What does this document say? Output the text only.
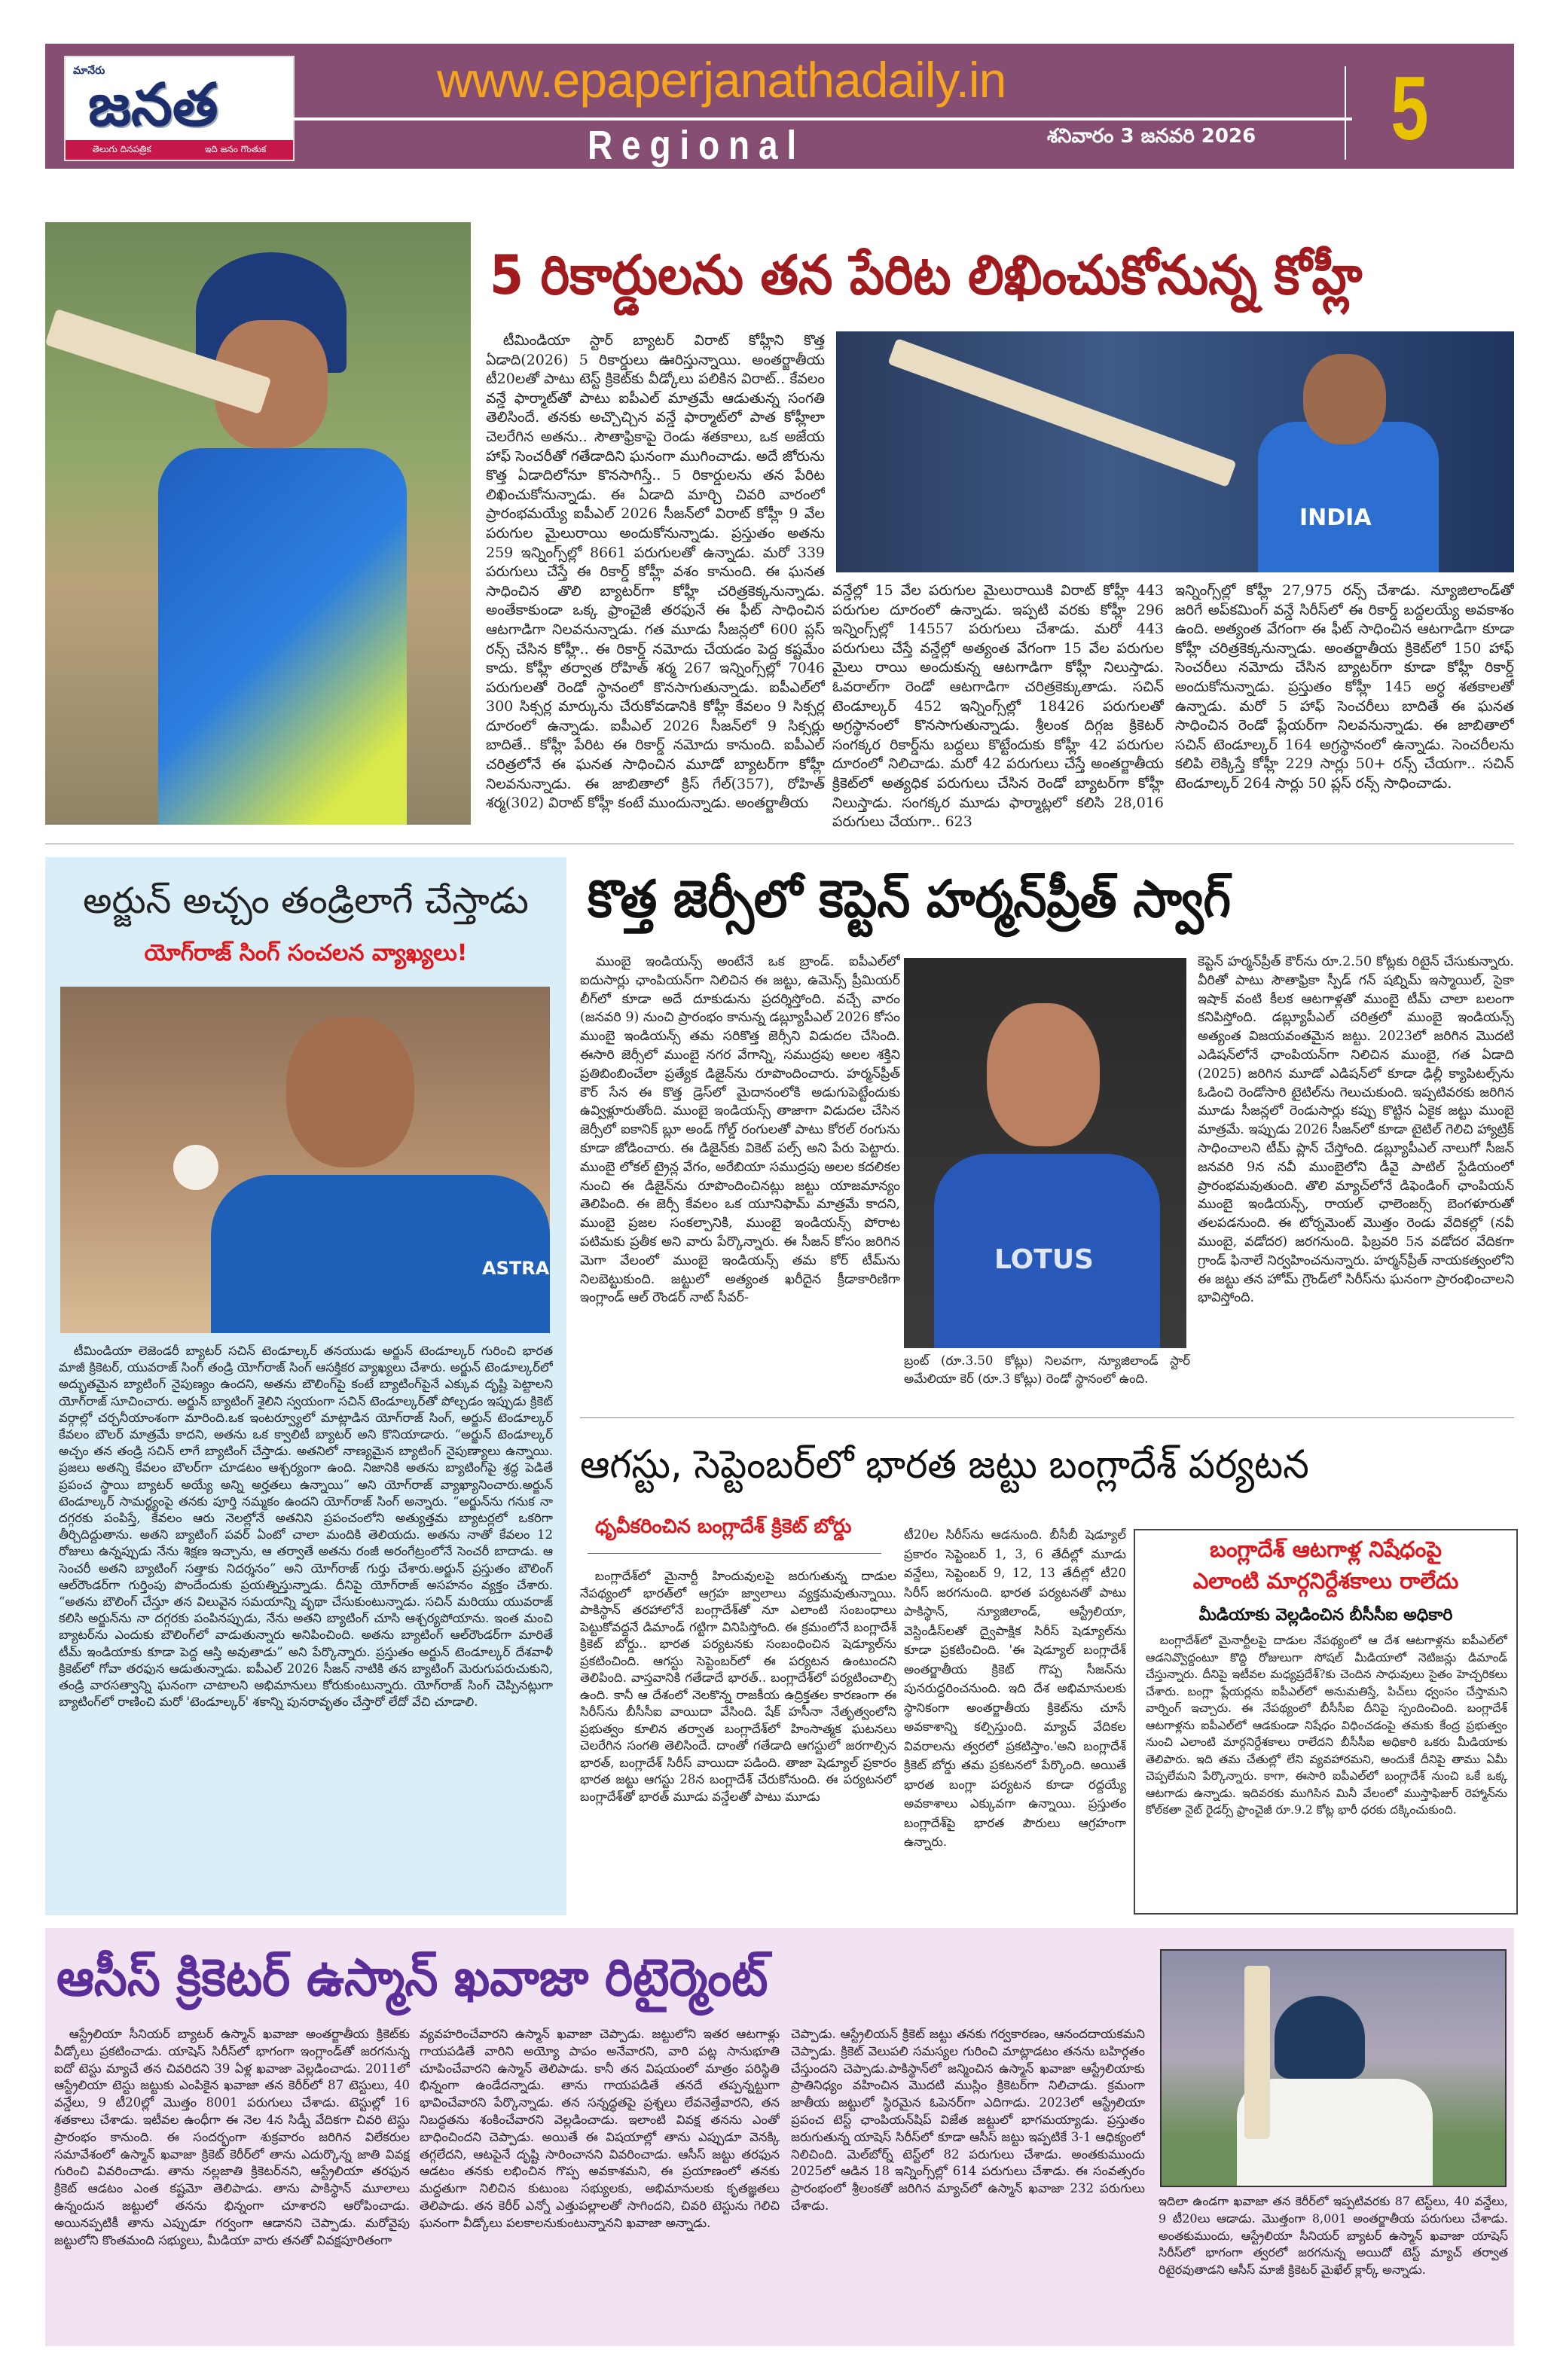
మానేరు
జనత
తెలుగు దినపత్రిక	ఇది జనం గొంతుక
www.epaperjanathadaily.in
Regional	శనివారం 3 జనవరి 2026 5
5 రికార్డులను తన పేరిట లిఖించుకోనున్న కోహ్లీ
టీమిండియా స్టార్ బ్యాటర్ విరాట్ కోహ్లీని కొత్త ఏడాది(2026) 5 రికార్డులు ఊరిస్తున్నాయి. అంతర్జాతీయ టీ20లతో పాటు టెస్ట్ క్రికెట్‌కు వీడ్కోలు పలికిన విరాట్.. కేవలం వన్డే ఫార్మాట్‌తో పాటు ఐపీఎల్ మాత్రమే ఆడుతున్న సంగతి తెలిసిందే. తనకు అచ్చొచ్చిన వన్డే ఫార్మాట్‌లో పాత కోహ్లీలా చెలరేగిన అతను.. సౌతాఫ్రికాపై రెండు శతకాలు, ఒక అజేయ హాఫ్ సెంచరీతో గతేడాదిని ఘనంగా ముగించాడు. అదే జోరును కొత్త ఏడాదిలోనూ కొనసాగిస్తే.. 5 రికార్డులను తన పేరిట లిఖించుకోనున్నాడు. ఈ ఏడాది మార్చి చివరి వారంలో ప్రారంభమయ్యే ఐపీఎల్ 2026 సీజన్‌లో విరాట్ కోహ్లీ 9 వేల పరుగుల మైలురాయి అందుకోనున్నాడు. ప్రస్తుతం అతను 259 ఇన్నింగ్స్‌ల్లో 8661 పరుగులతో ఉన్నాడు. మరో 339 పరుగులు చేస్తే ఈ రికార్డ్ కోహ్లీ వశం కానుంది. ఈ ఘనత సాధించిన తొలి బ్యాటర్‌గా కోహ్లీ చరిత్రకెక్కనున్నాడు. అంతేకాకుండా ఒక్క ఫ్రాంచైజీ తరఫునే ఈ ఫీట్ సాధించిన ఆటగాడిగా నిలవనున్నాడు. గత మూడు సీజన్లలో 600 ప్లస్ రన్స్ చేసిన కోహ్లీ.. ఈ రికార్డ్ నమోదు చేయడం పెద్ద కష్టమేం కాదు. కోహ్లీ తర్వాత రోహిత్ శర్మ 267 ఇన్నింగ్స్‌ల్లో 7046 పరుగులతో రెండో స్థానంలో కొనసాగుతున్నాడు. ఐపీఎల్‌లో 300 సిక్సర్ల మార్కును చేరుకోవడానికి కోహ్లీ కేవలం 9 సిక్సర్ల దూరంలో ఉన్నాడు. ఐపీఎల్ 2026 సీజన్‌లో 9 సిక్సర్లు బాదితే.. కోహ్లీ పేరిట ఈ రికార్డ్ నమోదు కానుంది. ఐపీఎల్ చరిత్రలోనే ఈ ఘనత సాధించిన మూడో బ్యాటర్‌గా కోహ్లీ నిలవనున్నాడు. ఈ జాబితాలో క్రిస్ గేల్(357), రోహిత్ శర్మ(302) విరాట్ కోహ్లీ కంటే ముందున్నాడు. అంతర్జాతీయ
INDIA
వన్డేల్లో 15 వేల పరుగుల మైలురాయికి విరాట్ కోహ్లీ 443 పరుగుల దూరంలో ఉన్నాడు. ఇప్పటి వరకు కోహ్లీ 296 ఇన్నింగ్స్‌ల్లో 14557 పరుగులు చేశాడు. మరో 443 పరుగులు చేస్తే వన్డేల్లో అత్యంత వేగంగా 15 వేల పరుగుల మైలు రాయి అందుకున్న ఆటగాడిగా కోహ్లీ నిలుస్తాడు. ఓవరాల్‌గా రెండో ఆటగాడిగా చరిత్రకెక్కుతాడు. సచిన్ టెండూల్కర్ 452 ఇన్నింగ్స్‌ల్లో 18426 పరుగులతో అగ్రస్థానంలో కొనసాగుతున్నాడు. శ్రీలంక దిగ్గజ క్రికెటర్ సంగక్కర రికార్డ్‌ను బద్దలు కొట్టేందుకు కోహ్లీ 42 పరుగుల దూరంలో నిలిచాడు. మరో 42 పరుగులు చేస్తే అంతర్జాతీయ క్రికెట్‌లో అత్యధిక పరుగులు చేసిన రెండో బ్యాటర్‌గా కోహ్లీ నిలుస్తాడు. సంగక్కర మూడు ఫార్మాట్లలో కలిసి 28,016 పరుగులు చేయగా.. 623
ఇన్నింగ్స్‌ల్లో కోహ్లీ 27,975 రన్స్ చేశాడు. న్యూజిలాండ్‌తో జరిగే అప్‌కమింగ్ వన్డే సిరీస్‌లో ఈ రికార్డ్ బద్దలయ్యే అవకాశం ఉంది. అత్యంత వేగంగా ఈ ఫీట్ సాధించిన ఆటగాడిగా కూడా కోహ్లీ చరిత్రకెక్కనున్నాడు. అంతర్జాతీయ క్రికెట్‌లో 150 హాఫ్ సెంచరీలు నమోదు చేసిన బ్యాటర్‌గా కూడా కోహ్లీ రికార్డ్ అందుకోనున్నాడు. ప్రస్తుతం కోహ్లీ 145 అర్ధ శతకాలతో ఉన్నాడు. మరో 5 హాఫ్ సెంచరీలు బాదితే ఈ ఘనత సాధించిన రెండో ప్లేయర్‌గా నిలవనున్నాడు. ఈ జాబితాలో సచిన్ టెండూల్కర్ 164 అగ్రస్థానంలో ఉన్నాడు. సెంచరీలను కలిపి లెక్కిస్తే కోహ్లీ 229 సార్లు 50+ రన్స్ చేయగా.. సచిన్ టెండూల్కర్ 264 సార్లు 50 ప్లస్ రన్స్ సాధించాడు.
అర్జున్ అచ్చం తండ్రిలాగే చేస్తాడు
యోగ్‌రాజ్ సింగ్ సంచలన వ్యాఖ్యలు!
ASTRA
టీమిండియా లెజెండరీ బ్యాటర్ సచిన్ టెండూల్కర్ తనయుడు అర్జున్ టెండూల్కర్ గురించి భారత మాజీ క్రికెటర్, యువరాజ్ సింగ్ తండ్రి యోగ్‌రాజ్ సింగ్ ఆసక్తికర వ్యాఖ్యలు చేశారు. అర్జున్ టెండూల్కర్‌లో అద్భుతమైన బ్యాటింగ్ నైపుణ్యం ఉందని, అతను బౌలింగ్‌పై కంటే బ్యాటింగ్‌పైనే ఎక్కువ దృష్టి పెట్టాలని యోగ్‌రాజ్ సూచించారు. అర్జున్ బ్యాటింగ్ శైలిని స్వయంగా సచిన్ టెండూల్కర్‌తో పోల్చడం ఇప్పుడు క్రికెట్ వర్గాల్లో చర్చనీయాంశంగా మారింది.ఒక ఇంటర్వ్యూలో మాట్లాడిన యోగ్‌రాజ్ సింగ్, అర్జున్ టెండూల్కర్ కేవలం బౌలర్ మాత్రమే కాదని, అతను ఒక క్వాలిటీ బ్యాటర్ అని కొనియాడారు. “అర్జున్ టెండూల్కర్ అచ్చం తన తండ్రి సచిన్ లాగే బ్యాటింగ్ చేస్తాడు. అతనిలో నాణ్యమైన బ్యాటింగ్ నైపుణ్యాలు ఉన్నాయి. ప్రజలు అతన్ని కేవలం బౌలర్‌గా చూడటం ఆశ్చర్యంగా ఉంది. నిజానికి అతను బ్యాటింగ్‌పై శ్రద్ధ పెడితే ప్రపంచ స్థాయి బ్యాటర్ అయ్యే అన్ని అర్హతలు ఉన్నాయి” అని యోగ్‌రాజ్ వ్యాఖ్యానించారు.అర్జున్ టెండూల్కర్ సామర్థ్యంపై తనకు పూర్తి నమ్మకం ఉందని యోగ్‌రాజ్ సింగ్ అన్నారు. “అర్జున్‌ను గనుక నా దగ్గరకు పంపిస్తే, కేవలం ఆరు నెలల్లోనే అతనిని ప్రపంచంలోని అత్యుత్తమ బ్యాటర్లలో ఒకరిగా తీర్చిదిద్దుతాను. అతని బ్యాటింగ్ పవర్ ఏంటో చాలా మందికి తెలియదు. అతను నాతో కేవలం 12 రోజులు ఉన్నప్పుడు నేను శిక్షణ ఇచ్చాను, ఆ తర్వాతే అతను రంజీ అరంగేట్రంలోనే సెంచరీ బాదాడు. ఆ సెంచరీ అతని బ్యాటింగ్ సత్తాకు నిదర్శనం” అని యోగ్‌రాజ్ గుర్తు చేశారు.అర్జున్ ప్రస్తుతం బౌలింగ్ ఆల్‌రౌండర్‌గా గుర్తింపు పొందేందుకు ప్రయత్నిస్తున్నాడు. దీనిపై యోగ్‌రాజ్ అసహనం వ్యక్తం చేశారు. “అతను బౌలింగ్ చేస్తూ తన విలువైన సమయాన్ని వృథా చేసుకుంటున్నాడు. సచిన్ మరియు యువరాజ్ కలిసి అర్జున్‌ను నా దగ్గరకు పంపినప్పుడు, నేను అతని బ్యాటింగ్ చూసి ఆశ్చర్యపోయాను. ఇంత మంచి బ్యాటర్‌ను ఎందుకు బౌలింగ్‌లో వాడుతున్నారు అనిపించింది. అతను బ్యాటింగ్ ఆల్‌రౌండర్‌గా మారితే టీమ్ ఇండియాకు కూడా పెద్ద ఆస్తి అవుతాడు” అని పేర్కొన్నారు. ప్రస్తుతం అర్జున్ టెండూల్కర్ దేశవాళీ క్రికెట్‌లో గోవా తరఫున ఆడుతున్నాడు. ఐపీఎల్ 2026 సీజన్ నాటికి తన బ్యాటింగ్ మెరుగుపరుచుకుని, తండ్రి వారసత్వాన్ని ఘనంగా చాటాలని అభిమానులు కోరుకుంటున్నారు. యోగ్‌రాజ్ సింగ్ చెప్పినట్లుగా బ్యాటింగ్‌లో రాణించి మరో 'టెండూల్కర్' శకాన్ని పునరావృతం చేస్తారో లేదో వేచి చూడాలి.
కొత్త జెర్సీలో కెప్టెన్ హర్మన్‌ప్రీత్ స్వాగ్
ముంబై ఇండియన్స్ అంటేనే ఒక బ్రాండ్. ఐపీఎల్‌లో ఐదుసార్లు ఛాంపియన్‌గా నిలిచిన ఈ జట్టు, ఉమెన్స్ ప్రీమియర్ లీగ్‌లో కూడా అదే దూకుడును ప్రదర్శిస్తోంది. వచ్చే వారం (జనవరి 9) నుంచి ప్రారంభం కానున్న డబ్ల్యూపీఎల్ 2026 కోసం ముంబై ఇండియన్స్ తమ సరికొత్త జెర్సీని విడుదల చేసింది. ఈసారి జెర్సీలో ముంబై నగర వేగాన్ని, సముద్రపు అలల శక్తిని ప్రతిబింబించేలా ప్రత్యేక డిజైన్‌ను రూపొందించారు. హర్మన్‌ప్రీత్ కౌర్ సేన ఈ కొత్త డ్రెస్‌లో మైదానంలోకి అడుగుపెట్టేందుకు ఉవ్విళ్లూరుతోంది. ముంబై ఇండియన్స్ తాజాగా విడుదల చేసిన జెర్సీలో ఐకానిక్ బ్లూ అండ్ గోల్డ్ రంగులతో పాటు కోరల్ రంగును కూడా జోడించారు. ఈ డిజైన్‌కు వికెట్ పల్స్ అని పేరు పెట్టారు. ముంబై లోకల్ ట్రైన్ల వేగం, అరేబియా సముద్రపు అలల కదలికల నుంచి ఈ డిజైన్‌ను రూపొందించినట్లు జట్టు యాజమాన్యం తెలిపింది. ఈ జెర్సీ కేవలం ఒక యూనిఫామ్ మాత్రమే కాదని, ముంబై ప్రజల సంకల్పానికి, ముంబై ఇండియన్స్ పోరాట పటిమకు ప్రతీక అని వారు పేర్కొన్నారు. ఈ సీజన్ కోసం జరిగిన మెగా వేలంలో ముంబై ఇండియన్స్ తమ కోర్ టీమ్‌ను నిలబెట్టుకుంది. జట్టులో అత్యంత ఖరీదైన క్రీడాకారిణిగా ఇంగ్లాండ్ ఆల్ రౌండర్ నాట్ సీవర్-
LOTUS
బ్రంట్ (రూ.3.50 కోట్లు) నిలవగా, న్యూజిలాండ్ స్టార్ అమేలియా కెర్ (రూ.3 కోట్లు) రెండో స్థానంలో ఉంది.
కెప్టెన్ హర్మన్‌ప్రీత్ కౌర్‌ను రూ.2.50 కోట్లకు రిటైన్ చేసుకున్నారు. వీరితో పాటు సౌతాఫ్రికా స్పీడ్ గన్ షబ్నిమ్ ఇస్మాయిల్, సైకా ఇషాక్ వంటి కీలక ఆటగాళ్లతో ముంబై టీమ్ చాలా బలంగా కనిపిస్తోంది. డబ్ల్యూపీఎల్ చరిత్రలో ముంబై ఇండియన్స్ అత్యంత విజయవంతమైన జట్టు. 2023లో జరిగిన మొదటి ఎడిషన్‌లోనే ఛాంపియన్‌గా నిలిచిన ముంబై, గత ఏడాది (2025) జరిగిన మూడో ఎడిషన్‌లో కూడా ఢిల్లీ క్యాపిటల్స్‌ను ఓడించి రెండోసారి టైటిల్‌ను గెలుచుకుంది. ఇప్పటివరకు జరిగిన మూడు సీజన్లలో రెండుసార్లు కప్పు కొట్టిన ఏకైక జట్టు ముంబై మాత్రమే. ఇప్పుడు 2026 సీజన్‌లో కూడా టైటిల్ గెలిచి హ్యాట్రిక్ సాధించాలని టీమ్ ప్లాన్ చేస్తోంది. డబ్ల్యూపీఎల్ నాలుగో సీజన్ జనవరి 9న నవీ ముంబైలోని డీవై పాటిల్ స్టేడియంలో ప్రారంభమవుతుంది. తొలి మ్యాచ్‌లోనే డిఫెండింగ్ ఛాంపియన్ ముంబై ఇండియన్స్, రాయల్ ఛాలెంజర్స్ బెంగళూరుతో తలపడనుంది. ఈ టోర్నమెంట్ మొత్తం రెండు వేదికల్లో (నవీ ముంబై, వడోదర) జరగనుంది. ఫిబ్రవరి 5న వడోదర వేదికగా గ్రాండ్ ఫినాలే నిర్వహించనున్నారు. హర్మన్‌ప్రీత్ నాయకత్వంలోని ఈ జట్టు తన హోమ్ గ్రౌండ్‌లో సిరీస్‌ను ఘనంగా ప్రారంభించాలని భావిస్తోంది.
ఆగస్టు, సెప్టెంబర్‌లో భారత జట్టు బంగ్లాదేశ్ పర్యటన
ధృవీకరించిన బంగ్లాదేశ్ క్రికెట్ బోర్డు
బంగ్లాదేశ్‌లో మైనార్టీ హిందువులపై జరుగుతున్న దాడుల నేపథ్యంలో భారత్‌లో ఆగ్రహ జ్వాలాలు వ్యక్తమవుతున్నాయి. పాకిస్థాన్ తరహాలోనే బంగ్లాదేశ్‌తో నూ ఎలాంటి సంబంధాలు పెట్టుకోవద్దనే డిమాండ్ గట్టిగా వినిపిస్తోంది. ఈ క్రమంలోనే బంగ్లాదేశ్ క్రికెట్ బోర్డు.. భారత పర్యటనకు సంబంధించిన షెడ్యూల్‌ను ప్రకటించింది. ఆగస్టు సెప్టెంబర్‌లో ఈ పర్యటన ఉంటుందని తెలిపింది. వాస్తవానికి గతేడాదే భారత్.. బంగ్లాదేశ్‌లో పర్యటించాల్సి ఉంది. కానీ ఆ దేశంలో నెలకొన్న రాజకీయ ఉద్రిక్తతల కారణంగా ఈ సిరీస్‌ను బీసీసీఐ వాయిదా వేసింది. షేక్ హసీనా నేతృత్వంలోని ప్రభుత్వం కూలిన తర్వాత బంగ్లాదేశ్‌లో హింసాత్మక ఘటనలు చెలరేగిన సంగతి తెలిసిందే. దాంతో గతేడాది ఆగస్టులో జరగాల్సిన భారత్, బంగ్లాదేశ్ సిరీస్ వాయిదా పడింది. తాజా షెడ్యూల్ ప్రకారం భారత జట్టు ఆగస్టు 28న బంగ్లాదేశ్ చేరుకోనుంది. ఈ పర్యటనలో బంగ్లాదేశ్‌తో భారత్ మూడు వన్డేలతో పాటు మూడు
టీ20ల సిరీస్‌ను ఆడనుంది. బీసీబీ షెడ్యూల్ ప్రకారం సెప్టెంబర్ 1, 3, 6 తేదీల్లో మూడు వన్డేలు, సెప్టెంబర్ 9, 12, 13 తేదీల్లో టీ20 సిరీస్ జరగనుంది. భారత పర్యటనతో పాటు పాకిస్థాన్, న్యూజిలాండ్, ఆస్ట్రేలియా, వెస్టిండీస్‌లతో ద్వైపాక్షిక సిరీస్ షెడ్యూల్‌ను కూడా ప్రకటించింది. 'ఈ షెడ్యూల్ బంగ్లాదేశ్ అంతర్జాతీయ క్రికెట్ గొప్ప సీజన్‌ను పునరుద్దరించనుంది. ఇది దేశ అభిమానులకు స్థానికంగా అంతర్జాతీయ క్రికెట్‌ను చూసే అవకాశాన్ని కల్పిస్తుంది. మ్యాచ్ వేదికల వివరాలను త్వరలో ప్రకటిస్తాం.'అని బంగ్లాదేశ్ క్రికెట్ బోర్డు తమ ప్రకటనలో పేర్కొంది. అయితే భారత బంగ్లా పర్యటన కూడా రద్దయ్యే అవకాశాలు ఎక్కువగా ఉన్నాయి. ప్రస్తుతం బంగ్లాదేశ్‌పై భారత పౌరులు ఆగ్రహంగా ఉన్నారు.
బంగ్లాదేశ్ ఆటగాళ్ల నిషేధంపై
ఎలాంటి మార్గనిర్దేశకాలు రాలేదు
మీడియాకు వెల్లడించిన బీసీసీఐ అధికారి
బంగ్లాదేశ్‌లో మైనార్టీలపై దాడుల నేపథ్యంలో ఆ దేశ ఆటగాళ్లను ఐపీఎల్‌లో ఆడనివ్వొద్దంటూ కొద్ది రోజులుగా సోషల్ మీడియాలో నెటిజన్లు డిమాండ్ చేస్తున్నారు. దీనిపై ఇటీవల మధ్యప్రదేశ్?కు చెందిన సాధువులు సైతం హెచ్చరికలు చేశారు. బంగ్లా ప్లేయర్లను ఐపీఎల్‌లో అనుమతిస్తే, పిచ్‌లు ధ్వంసం చేస్తామని వార్నింగ్ ఇచ్చారు. ఈ నేపథ్యంలో బీసీసీఐ దీనిపై స్పందించింది. బంగ్లాదేశ్ ఆటగాళ్లను ఐపీఎల్‌లో ఆడకుండా నిషేధం విధించడంపై తమకు కేంద్ర ప్రభుత్వం నుంచి ఎలాంటి మార్గనిర్దేశకాలు రాలేదని బీసీసీఐ అధికారి ఒకరు మీడియాకు తెలిపారు. ఇది తమ చేతుల్లో లేని వ్యవహారమని, అందుకే దీనిపై తాము ఏమీ చెప్పలేమని పేర్కొన్నారు. కాగా, ఈసారి ఐపీఎల్‌లో బంగ్లాదేశ్ నుంచి ఒకే ఒక్క ఆటగాడు ఉన్నాడు. ఇదివరకు ముగిసిన మినీ వేలంలో ముస్తాఫిజుర్ రెహ్మాన్‌ను కోల్‌కతా నైట్ రైడర్స్ ఫ్రాంచైజీ రూ.9.2 కోట్ల భారీ ధరకు దక్కించుకుంది.
ఆసీస్ క్రికెటర్ ఉస్మాన్ ఖవాజా రిటైర్మెంట్
ఆస్ట్రేలియా సీనియర్ బ్యాటర్ ఉస్మాన్ ఖవాజా అంతర్జాతీయ క్రికెట్‌కు వీడ్కోలు ప్రకటించాడు. యాషెస్ సిరీస్‌లో భాగంగా ఇంగ్లాండ్‌తో జరగనున్న ఐదో టెస్టు మ్యాచే తన చివరిదని 39 ఏళ్ల ఖవాజా వెల్లడించాడు. 2011లో ఆస్ట్రేలియా టెస్టు జట్టుకు ఎంపికైన ఖవాజా తన కెరీర్‌లో 87 టెస్టులు, 40 వన్డేలు, 9 టీ20ల్లో మొత్తం 8001 పరుగులు చేశాడు. టెస్టుల్లో 16 శతకాలు చేశాడు. ఇటీవల ఉంధీగా ఈ నెల 4న సిడ్నీ వేదికగా చివరి టెస్టు ప్రారంభం కానుంది. ఈ సందర్భంగా శుక్రవారం జరిగిన విలేకరుల సమావేశంలో ఉస్మాన్ ఖవాజా క్రికెట్ కెరీర్‌లో తాను ఎదుర్కొన్న జాతి వివక్ష గురించి వివరించాడు. తాను నల్లజాతి క్రికెటర్‌నని, ఆస్ట్రేలియా తరఫున క్రికెట్ ఆడటం ఎంత కష్టమో తెలిపాడు. తాను పాకిస్థాన్ మూలాలు ఉన్నందున జట్టులో తనను భిన్నంగా చూశారని ఆరోపించాడు. అయినప్పటికీ తాను ఎప్పుడూ గర్వంగా ఆడానని చెప్పాడు. మరోవైపు జట్టులోని కొంతమంది సభ్యులు, మీడియా వారు తనతో వివక్షపూరితంగా
వ్యవహరించేవారని ఉస్మాన్ ఖవాజా చెప్పాడు. జట్టులోని ఇతర ఆటగాళ్లు గాయపడితే వారిని అయ్యో పాపం అనేవారని, వారి పట్ల సానుభూతి చూపించేవారని ఉస్మాన్ తెలిపాడు. కానీ తన విషయంలో మాత్రం పరిస్థితి భిన్నంగా ఉండేదన్నాడు. తాను గాయపడితే తనదే తప్పన్నట్టుగా భావించేవారని పేర్కొన్నాడు. తన సన్నద్ధతపై ప్రశ్నలు లేవనెత్తేవారని, తన నిబద్ధతను శంకించేవారని వెల్లడించాడు. ఇలాంటి వివక్ష తనను ఎంతో బాధించిందని చెప్పాడు. అయితే ఈ విషయాల్లో తాను ఎప్పుడూ వెనక్కి తగ్గలేదని, ఆటపైనే దృష్టి సారించానని వివరించాడు. ఆసీస్ జట్టు తరఫున ఆడటం తనకు లభించిన గొప్ప అవకాశమని, ఈ ప్రయాణంలో తనకు మద్దతుగా నిలిచిన కుటుంబ సభ్యులకు, అభిమానులకు కృతజ్ఞతలు తెలిపాడు. తన కెరీర్ ఎన్నో ఎత్తుపల్లాలతో సాగిందని, చివరి టెస్టును గెలిచి ఘనంగా వీడ్కోలు పలకాలనుకుంటున్నానని ఖవాజా అన్నాడు.
చెప్పాడు. ఆస్ట్రేలియన్ క్రికెట్ జట్టు తనకు గర్వకారణం, ఆనందదాయకమని చెప్పాడు. క్రికెట్ వెలుపలి సమస్యల గురించి మాట్లాడటం తనను బహిర్గతం చేస్తుందని చెప్పాడు.పాకిస్థాన్‌లో జన్మించిన ఉస్మాన్ ఖవాజా ఆస్ట్రేలియాకు ప్రాతినిధ్యం వహించిన మొదటి ముస్లిం క్రికెటర్‌గా నిలిచాడు. క్రమంగా జాతీయ జట్టులో స్థిరమైన ఓపెనర్‌గా ఎదిగాడు. 2023లో ఆస్ట్రేలియా ప్రపంచ టెస్ట్ ఛాంపియన్‌షిప్ విజేత జట్టులో భాగమయ్యాడు. ప్రస్తుతం జరుగుతున్న యాషెస్ సిరీస్‌లో కూడా ఆసీస్ జట్టు ఇప్పటికే 3-1 ఆధిక్యంలో నిలిచింది. మెల్‌బోర్న్ టెస్ట్‌లో 82 పరుగులు చేశాడు. అంతకుముందు 2025లో ఆడిన 18 ఇన్నింగ్స్‌ల్లో 614 పరుగులు చేశాడు. ఈ సంవత్సరం ప్రారంభంలో శ్రీలంకతో జరిగిన మ్యాచ్‌లో ఉస్మాన్ ఖవాజా 232 పరుగులు చేశాడు.	ఇదిలా ఉండగా ఖవాజా తన కెరీర్‌లో ఇప్పటివరకు 87 టెస్ట్‌లు, 40 వన్డేలు, 9 టీ20లు ఆడాడు. మొత్తంగా 8,001 అంతర్జాతీయ పరుగులు చేశాడు. అంతకుముందు, ఆస్ట్రేలియా సీనియర్ బ్యాటర్ ఉస్మాన్ ఖవాజా యాషెస్ సిరీస్‌లో భాగంగా త్వరలో జరగనున్న అయిదో టెస్ట్ మ్యాచ్ తర్వాత రిటైరవుతాడని ఆసీస్ మాజీ క్రికెటర్ మైఖేల్ క్లార్క్ అన్నాడు.
